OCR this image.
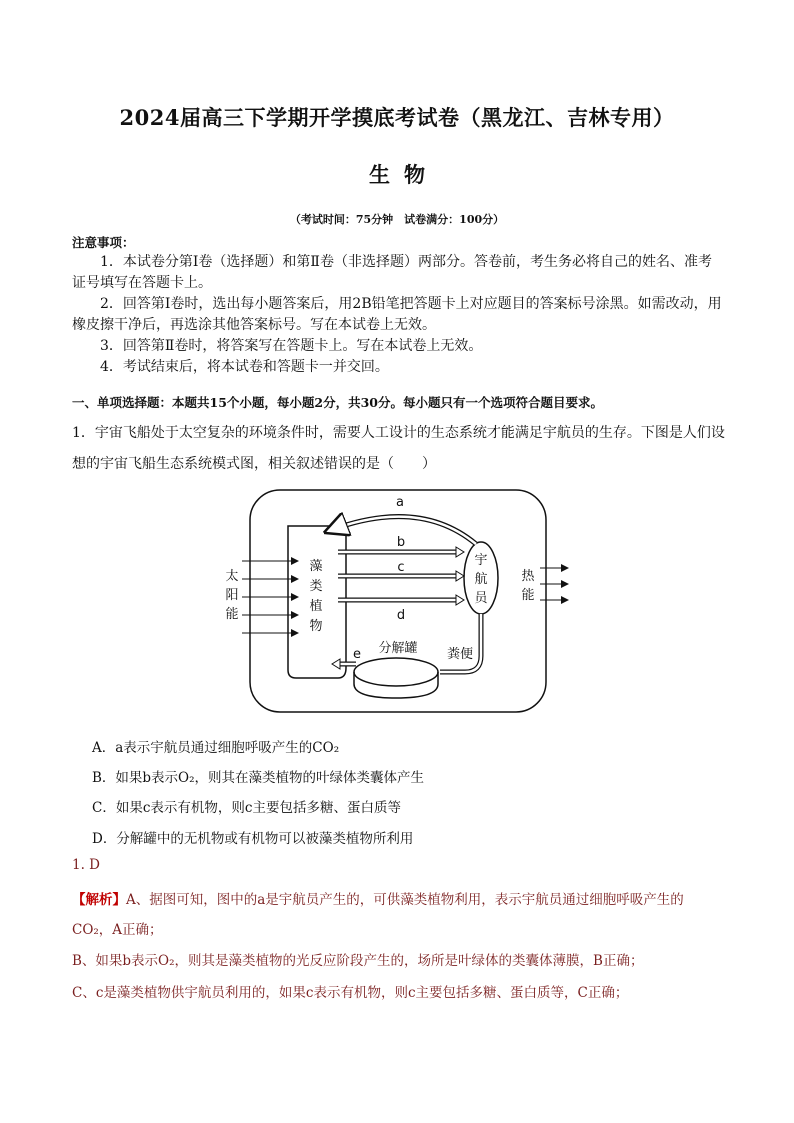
2024届高三下学期开学摸底考试卷（黑龙江、吉林专用）
生物
（考试时间：75分钟　试卷满分：100分）
注意事项：

1．本试卷分第Ⅰ卷（选择题）和第Ⅱ卷（非选择题）两部分。答卷前，考生务必将自己的姓名、准考证号填写在答题卡上。

2．回答第Ⅰ卷时，选出每小题答案后，用2B铅笔把答题卡上对应题目的答案标号涂黑。如需改动，用橡皮擦干净后，再选涂其他答案标号。写在本试卷上无效。

3．回答第Ⅱ卷时，将答案写在答题卡上。写在本试卷上无效。

4．考试结束后，将本试卷和答题卡一并交回。

一、单项选择题：本题共15个小题，每小题2分，共30分。每小题只有一个选项符合题目要求。

1．宇宙飞船处于太空复杂的环境条件时，需要人工设计的生态系统才能满足宇航员的生存。下图是人们设

想的宇宙飞船生态系统模式图，相关叙述错误的是（　　）

藻
类
植
物
宇
航
员
a
b
c
d
太
阳
能
热
能
粪便
分解罐
e
A．a表示宇航员通过细胞呼吸产生的CO₂
B．如果b表示O₂，则其在藻类植物的叶绿体类囊体产生
C．如果c表示有机物，则c主要包括多糖、蛋白质等
D．分解罐中的无机物或有机物可以被藻类植物所利用
1. D
【解析】A、据图可知，图中的a是宇航员产生的，可供藻类植物利用，表示宇航员通过细胞呼吸产生的
CO₂，A正确；
B、如果b表示O₂，则其是藻类植物的光反应阶段产生的，场所是叶绿体的类囊体薄膜，B正确；
C、c是藻类植物供宇航员利用的，如果c表示有机物，则c主要包括多糖、蛋白质等，C正确；
